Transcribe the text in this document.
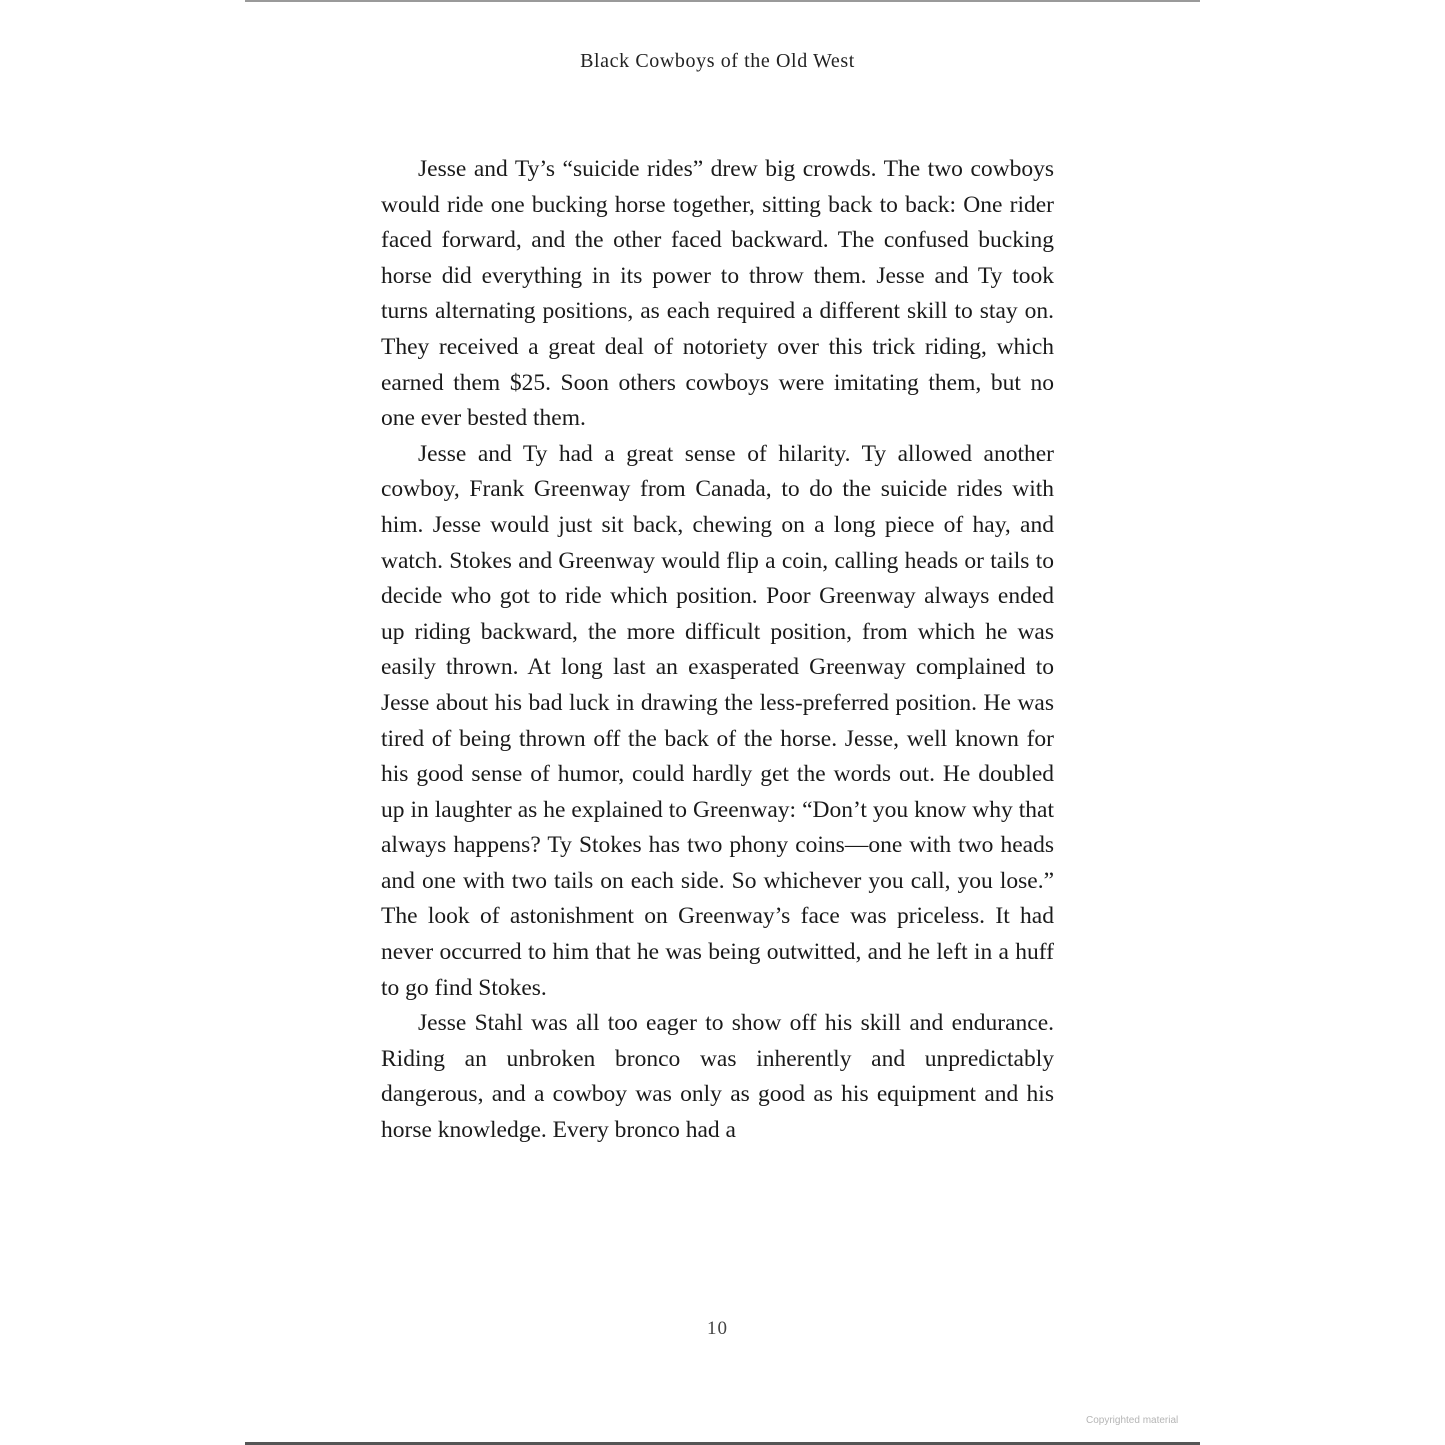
Black Cowboys of the Old West

Jesse and Ty’s “suicide rides” drew big crowds. The two cowboys would ride one bucking horse together, sitting back to back: One rider faced forward, and the other faced backward. The confused bucking horse did everything in its power to throw them. Jesse and Ty took turns alternating positions, as each required a different skill to stay on. They received a great deal of notoriety over this trick riding, which earned them $25. Soon others cowboys were imitating them, but no one ever bested them.

Jesse and Ty had a great sense of hilarity. Ty allowed another cowboy, Frank Greenway from Canada, to do the suicide rides with him. Jesse would just sit back, chewing on a long piece of hay, and watch. Stokes and Greenway would flip a coin, calling heads or tails to decide who got to ride which position. Poor Greenway always ended up riding backward, the more difficult position, from which he was easily thrown. At long last an exasperated Greenway complained to Jesse about his bad luck in drawing the less-preferred position. He was tired of being thrown off the back of the horse. Jesse, well known for his good sense of humor, could hardly get the words out. He doubled up in laughter as he explained to Greenway: “Don’t you know why that always happens? Ty Stokes has two phony coins—one with two heads and one with two tails on each side. So whichever you call, you lose.” The look of astonishment on Greenway’s face was priceless. It had never occurred to him that he was being outwitted, and he left in a huff to go find Stokes.

Jesse Stahl was all too eager to show off his skill and endurance. Riding an unbroken bronco was inherently and unpredictably dangerous, and a cowboy was only as good as his equipment and his horse knowledge. Every bronco had a

10
Copyrighted material
